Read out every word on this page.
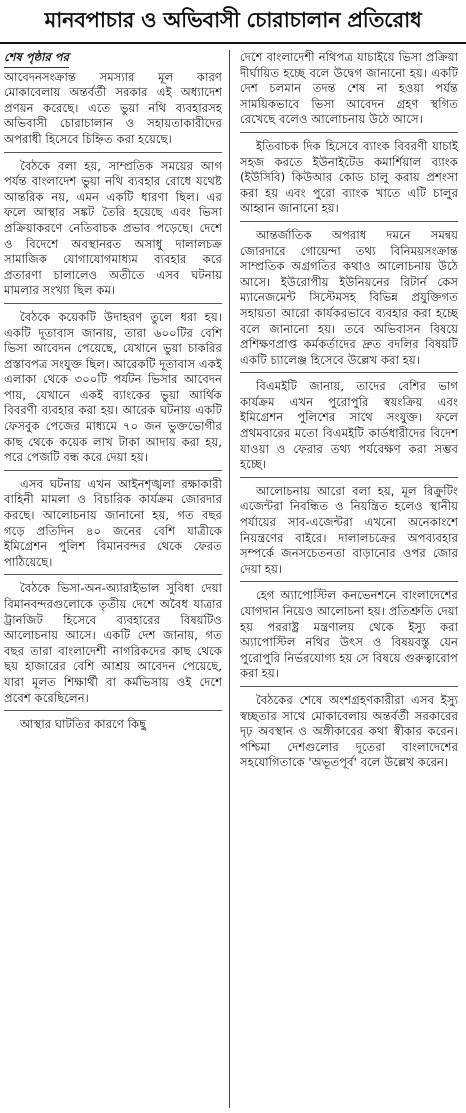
মানবপাচার ও অভিবাসী চোরাচালান প্রতিরোধ
শেষ পৃষ্ঠার পর

আবেদনসংক্রান্ত সমস্যার মূল কারণ মোকাবেলায় অন্তর্বর্তী সরকার এই অধ্যাদেশ প্রণয়ন করেছে। এতে ভুয়া নথি ব্যবহারসহ অভিবাসী চোরাচালান ও সহায়তাকারীদের অপরাধী হিসেবে চিহ্নিত করা হয়েছে।

বৈঠকে বলা হয়, সাম্প্রতিক সময়ের আগ পর্যন্ত বাংলাদেশ ভুয়া নথি ব্যবহার রোধে যথেষ্ট আন্তরিক নয়, এমন একটি ধারণা ছিল। এর ফলে আস্থার সঙ্কট তৈরি হয়েছে এবং ভিসা প্রক্রিয়াকরণে নেতিবাচক প্রভাব পড়েছে। দেশে ও বিদেশে অবস্থানরত অসাধু দালালচক্র সামাজিক যোগাযোগমাধ্যম ব্যবহার করে প্রতারণা চালালেও অতীতে এসব ঘটনায় মামলার সংখ্যা ছিল কম।

বৈঠকে কয়েকটি উদাহরণ তুলে ধরা হয়। একটি দূতাবাস জানায়, তারা ৬০০টির বেশি ভিসা আবেদন পেয়েছে, যেখানে ভুয়া চাকরির প্রস্তাবপত্র সংযুক্ত ছিল। আরেকটি দূতাবাস একই এলাকা থেকে ৩০০টি পর্যটন ভিসার আবেদন পায়, যেখানে একই ব্যাংকের ভুয়া আর্থিক বিবরণী ব্যবহার করা হয়। আরেক ঘটনায় একটি ফেসবুক পেজের মাধ্যমে ৭০ জন ভুক্তভোগীর কাছ থেকে কয়েক লাখ টাকা আদায় করা হয়, পরে পেজটি বন্ধ করে দেয়া হয়।

এসব ঘটনায় এখন আইনশৃঙ্খলা রক্ষাকারী বাহিনী মামলা ও বিচারিক কার্যক্রম জোরদার করছে। আলোচনায় জানানো হয়, গত বছর গড়ে প্রতিদিন ৪০ জনের বেশি যাত্রীকে ইমিগ্রেশন পুলিশ বিমানবন্দর থেকে ফেরত পাঠিয়েছে।

বৈঠকে ভিসা-অন-অ্যারাইভাল সুবিধা দেয়া বিমানবন্দরগুলোকে তৃতীয় দেশে অবৈধ যাত্রার ট্রানজিট হিসেবে ব্যবহারের বিষয়টিও আলোচনায় আসে। একটি দেশ জানায়, গত বছর তারা বাংলাদেশী নাগরিকদের কাছ থেকে ছয় হাজারের বেশি আশ্রয় আবেদন পেয়েছে, যারা মূলত শিক্ষার্থী বা কর্মভিসায় ওই দেশে প্রবেশ করেছিলেন।

আস্থার ঘাটতির কারণে কিছু

দেশে বাংলাদেশী নথিপত্র যাচাইয়ে ভিসা প্রক্রিয়া দীর্ঘায়িত হচ্ছে বলে উদ্বেগ জানানো হয়। একটি দেশ চলমান তদন্ত শেষ না হওয়া পর্যন্ত সাময়িকভাবে ভিসা আবেদন গ্রহণ স্থগিত রেখেছে বলেও আলোচনায় উঠে আসে।

ইতিবাচক দিক হিসেবে ব্যাংক বিবরণী যাচাই সহজ করতে ইউনাইটেড কমার্শিয়াল ব্যাংক (ইউসিবি) কিউআর কোড চালু করায় প্রশংসা করা হয় এবং পুরো ব্যাংক খাতে এটি চালুর আহ্বান জানানো হয়।

আন্তর্জাতিক অপরাধ দমনে সমন্বয় জোরদারে গোয়েন্দা তথ্য বিনিময়সংক্রান্ত সাম্প্রতিক অগ্রগতির কথাও আলোচনায় উঠে আসে। ইউরোপীয় ইউনিয়নের রিটার্ন কেস ম্যানেজমেন্ট সিস্টেমসহ বিভিন্ন প্রযুক্তিগত সহায়তা আরো কার্যকরভাবে ব্যবহার করা হচ্ছে বলে জানানো হয়। তবে অভিবাসন বিষয়ে প্রশিক্ষণপ্রাপ্ত কর্মকর্তাদের দ্রুত বদলির বিষয়টি একটি চ্যালেঞ্জ হিসেবে উল্লেখ করা হয়।

বিএমইটি জানায়, তাদের বেশির ভাগ কার্যক্রম এখন পুরোপুরি স্বয়ংক্রিয় এবং ইমিগ্রেশন পুলিশের সাথে সংযুক্ত। ফলে প্রথমবারের মতো বিএমইটি কার্ডধারীদের বিদেশ যাওয়া ও ফেরার তথ্য পর্যবেক্ষণ করা সম্ভব হচ্ছে।

আলোচনায় আরো বলা হয়, মূল রিক্রুটিং এজেন্টরা নিবন্ধিত ও নিয়ন্ত্রিত হলেও স্থানীয় পর্যায়ের সাব-এজেন্টরা এখনো অনেকাংশে নিয়ন্ত্রণের বাইরে। দালালচক্রের অপব্যবহার সম্পর্কে জনসচেতনতা বাড়ানোর ওপর জোর দেয়া হয়।

হেগ অ্যাপোস্টিল কনভেনশনে বাংলাদেশের যোগদান নিয়েও আলোচনা হয়। প্রতিশ্রুতি দেয়া হয় পররাষ্ট্র মন্ত্রণালয় থেকে ইস্যু করা অ্যাপোস্টিল নথির উৎস ও বিষয়বস্তু যেন পুরোপুরি নির্ভরযোগ্য হয় সে বিষয়ে গুরুত্বারোপ করা হয়।

বৈঠকের শেষে অংশগ্রহণকারীরা এসব ইস্যু স্বচ্ছতার সাথে মোকাবেলায় অন্তর্বর্তী সরকারের দৃঢ় অবস্থান ও অঙ্গীকারের কথা স্বীকার করেন। পশ্চিমা দেশগুলোর দূতেরা বাংলাদেশের সহযোগিতাকে 'অভূতপূর্ব' বলে উল্লেখ করেন।
